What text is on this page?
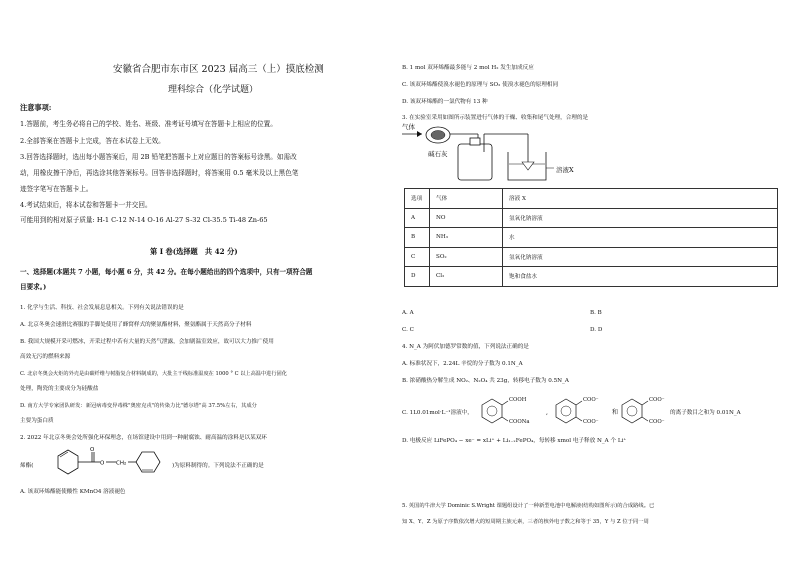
安徽省合肥市东市区 2023 届高三（上）摸底检测
理科综合（化学试题）
注意事项:
1.答题前，考生务必将自己的学校、姓名、班级、准考证号填写在答题卡上相应的位置。
2.全部答案在答题卡上完成，答在本试卷上无效。
3.回答选择题时，选出每小题答案后，用 2B 铅笔把答题卡上对应题目的答案标号涂黑。如需改
动，用橡皮擦干净后，再选涂其他答案标号。回答非选择题时，将答案用 0.5 毫米及以上黑色笔
迹签字笔写在答题卡上。
4.考试结束后，将本试卷和答题卡一并交回。
可能用到的相对原子质量: H-1 C-12 N-14 O-16 Al-27 S-32 Cl-35.5 Ti-48 Zn-65
第 Ⅰ 卷(选择题　共 42 分)
一、选择题(本题共 7 小题，每小题 6 分，共 42 分。在每小题给出的四个选项中，只有一项符合题
目要求。)
1. 化学与生活、科技、社会发展息息相关。下列有关说法错误的是
A. 北京冬奥会速滑比赛服的手脚处使用了蜂窝样式的聚氨酯材料，聚氨酯属于天然高分子材料
B. 我国大规模开采可燃冰，开采过程中若有大量的天然气泄露，会加剧温室效应，故可以大力推广使用
高效无污的燃料来源
C. 北京冬奥会火炬的外壳是由碳纤维与树脂复合材料制成的，大批主干线标准温度在 1000 ° C 以上高温中进行固化
处理，陶瓷的主要成分为硅酸盐
D. 南方大学专家团队研发：新冠病毒变异毒株"奥密克戎"的传染力比"德尔塔"高 37.5%左右，其成分
主要为蛋白质
2. 2022 年北京冬奥会处所强化环保理念，在场馆建设中用到一种耐腐蚀、耐高温的涂料是以某双环
烯酯(
O
O CH₂	)为原料制得的。下列说法不正确的是
A. 该双环烯酯能使酸性 KMnO4 溶液褪色
B. 1 mol 双环烯酯最多能与 2 mol H₂ 发生加成反应
C. 该双环烯酯使溴水褪色的原理与 SO₂ 使溴水褪色的原理相同
D. 该双环烯酯的一氯代物有 13 种
3. 在实验室采用如图所示装置进行气体的干燥、收集和尾气处理，合理的是
气体
碱石灰
溶液X
选项	气体	溶液 X
A	NO	氢氧化钠溶液
B	NH₃	水
C	SO₂	氢氧化钠溶液
D	Cl₂	饱和食盐水
A. A	B. B
C. C	D. D
4. N_A 为阿伏加德罗常数的值，下列说法正确的是
A. 标准状况下，2.24L 辛烷的分子数为 0.1N_A
B. 浓硝酸热分解生成 NO₂、N₂O₄ 共 23g，转移电子数为 0.5N_A
C. 1L0.01mol·L⁻¹溶液中，
COOH
COONa
,
COO⁻
COO⁻
和
COO⁻
COO⁻
的离子数目之和为 0.01N_A
D. 电极反应 LiFePO₄ − xe⁻ = xLi⁺ + Li₁₋ₓFePO₄，每转移 xmol 电子释放 N_A 个 Li⁺
5. 英国的牛津大学 Dominic S.Wright 课题组设计了一种新型电池中电解液(结构如图所示)的合成路线。已
知 X、Y、Z 为原子序数依次增大的短周期主族元素，三者的核外电子数之和等于 35，Y 与 Z 位于同一周
